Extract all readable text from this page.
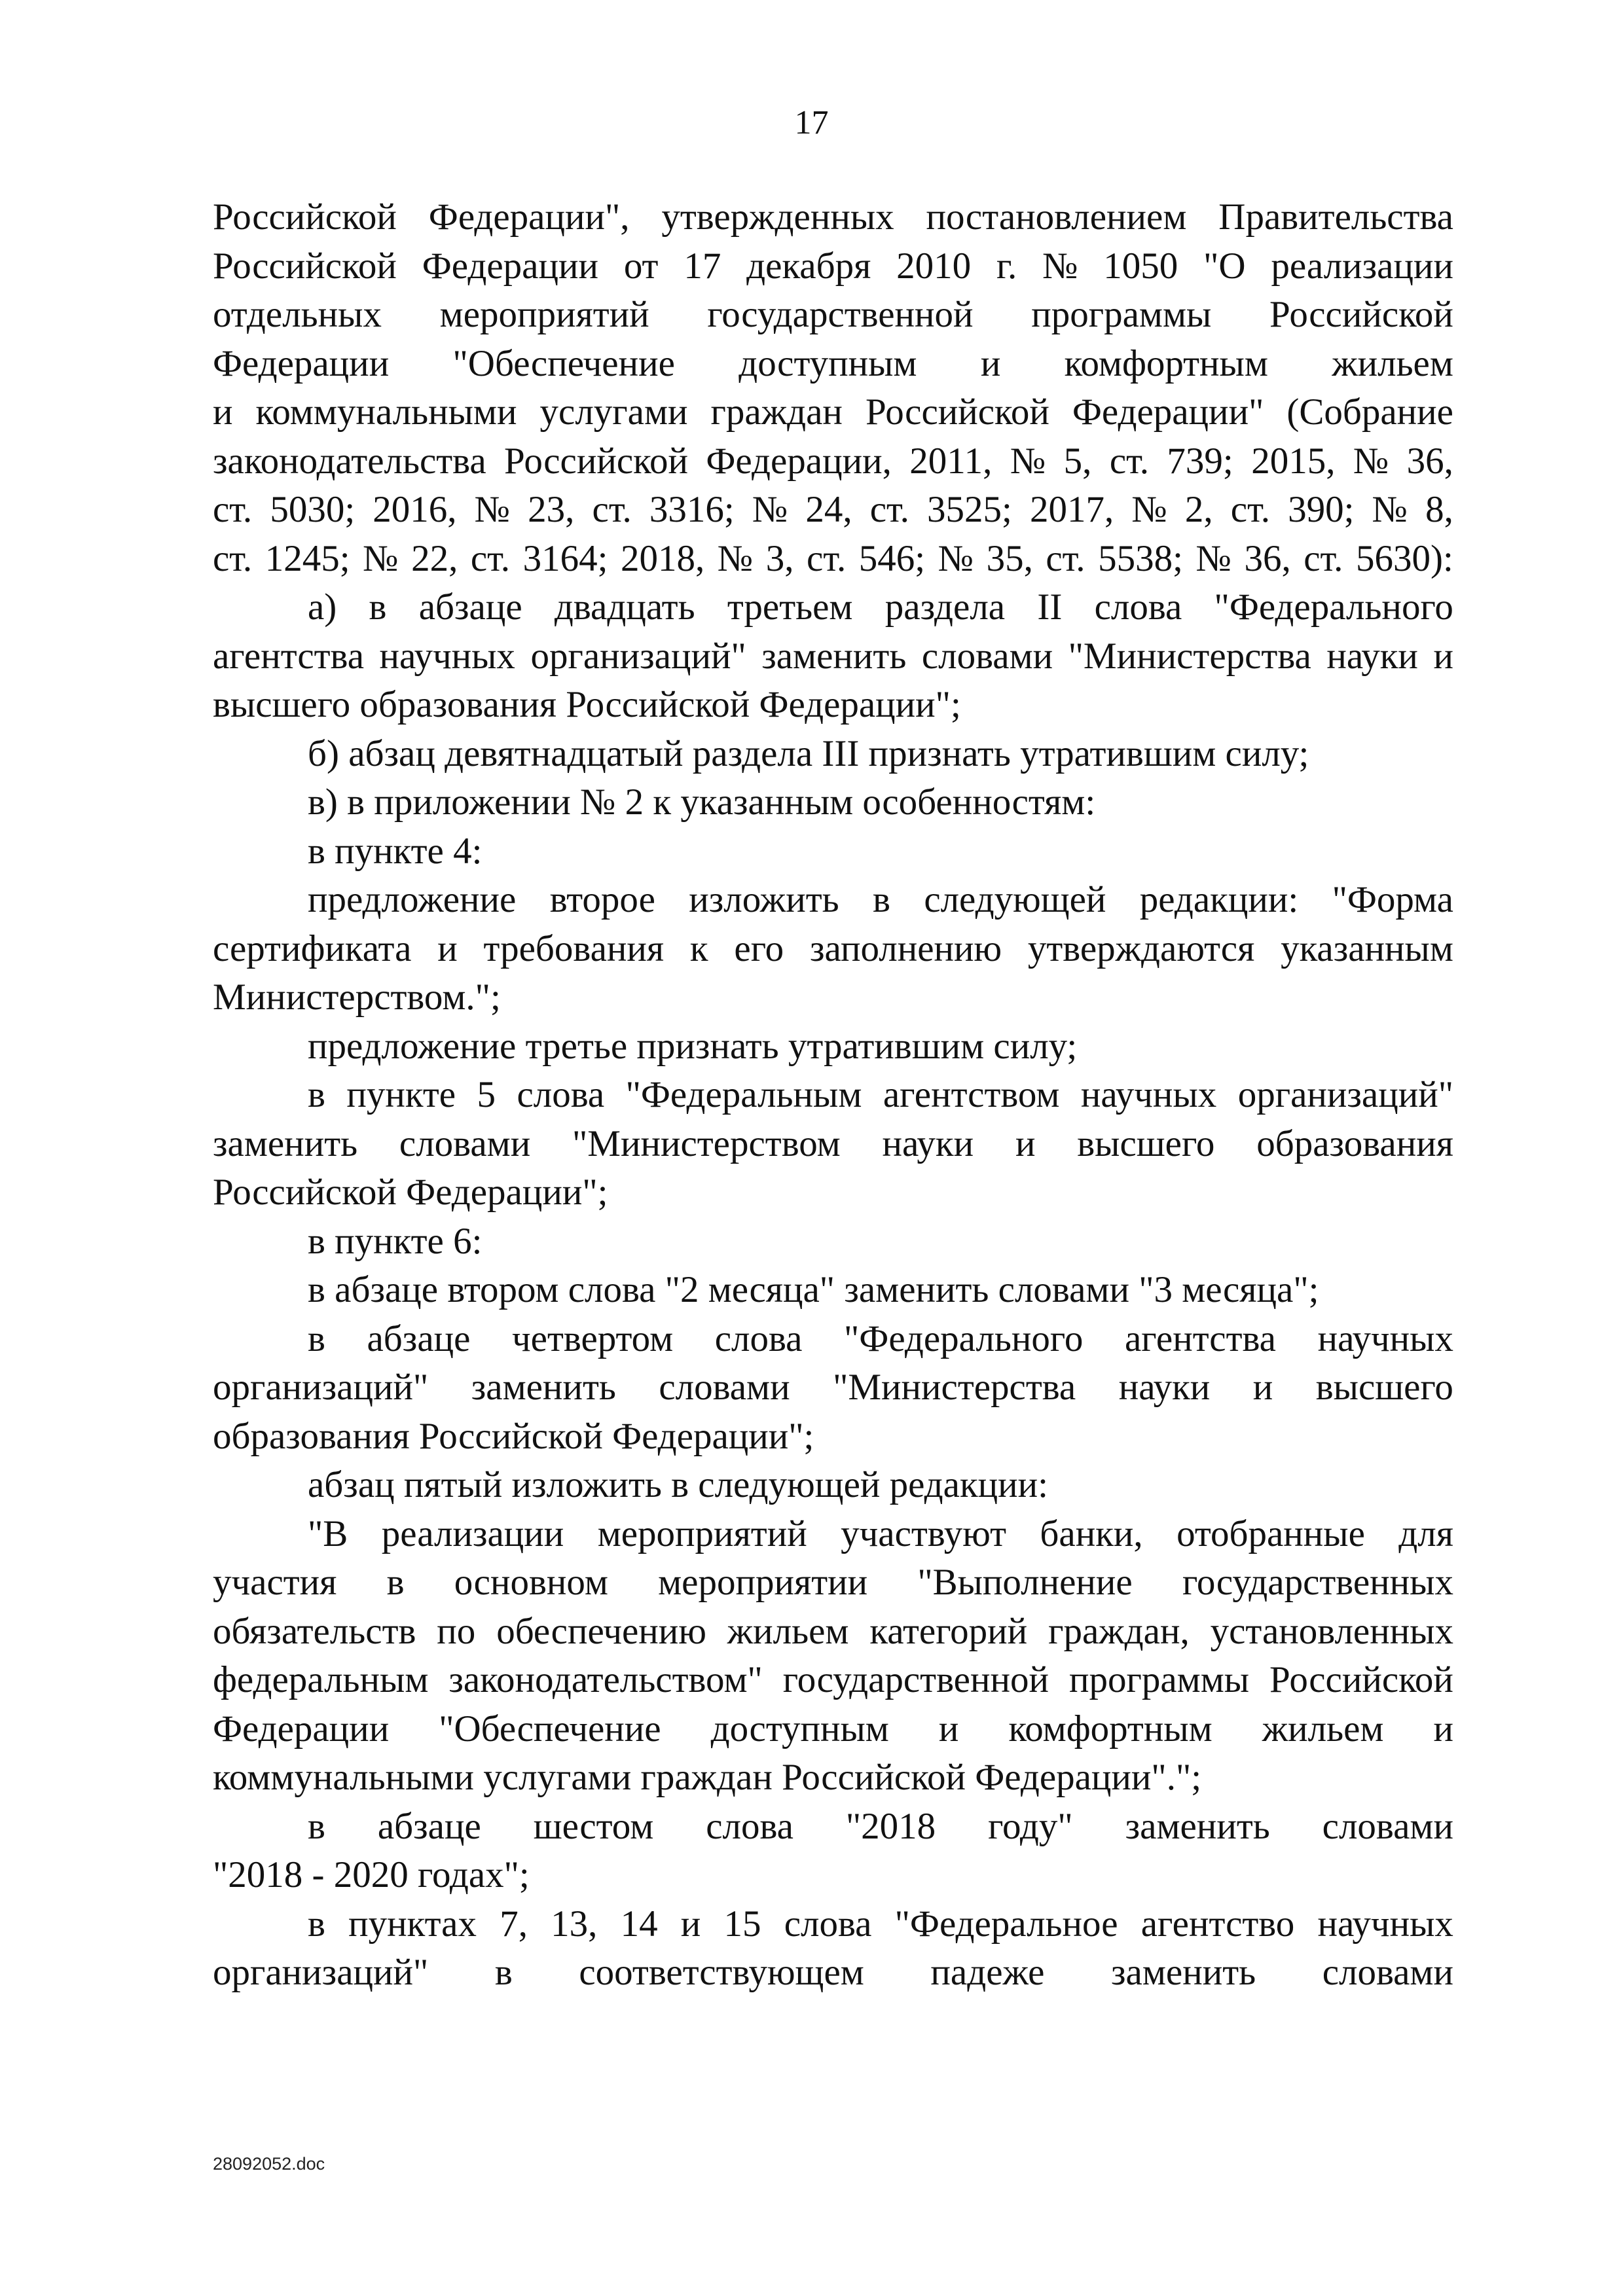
17
Российской Федерации", утвержденных постановлением Правительства
Российской Федерации от 17 декабря 2010 г. № 1050 "О реализации
отдельных мероприятий государственной программы Российской
Федерации "Обеспечение доступным и комфортным жильем
и коммунальными услугами граждан Российской Федерации" (Собрание
законодательства Российской Федерации, 2011, № 5, ст. 739; 2015, № 36,
ст. 5030; 2016, № 23, ст. 3316; № 24, ст. 3525; 2017, № 2, ст. 390; № 8,
ст. 1245; № 22, ст. 3164; 2018, № 3, ст. 546; № 35, ст. 5538; № 36, ст. 5630):
а) в абзаце двадцать третьем раздела II слова "Федерального
агентства научных организаций" заменить словами "Министерства науки и
высшего образования Российской Федерации";
б) абзац девятнадцатый раздела III признать утратившим силу;
в) в приложении № 2 к указанным особенностям:
в пункте 4:
предложение второе изложить в следующей редакции: "Форма
сертификата и требования к его заполнению утверждаются указанным
Министерством.";
предложение третье признать утратившим силу;
в пункте 5 слова "Федеральным агентством научных организаций"
заменить словами "Министерством науки и высшего образования
Российской Федерации";
в пункте 6:
в абзаце втором слова "2 месяца" заменить словами "3 месяца";
в абзаце четвертом слова "Федерального агентства научных
организаций" заменить словами "Министерства науки и высшего
образования Российской Федерации";
абзац пятый изложить в следующей редакции:
"В реализации мероприятий участвуют банки, отобранные для
участия в основном мероприятии "Выполнение государственных
обязательств по обеспечению жильем категорий граждан, установленных
федеральным законодательством" государственной программы Российской
Федерации "Обеспечение доступным и комфортным жильем и
коммунальными услугами граждан Российской Федерации".";
в абзаце шестом слова "2018 году" заменить словами
"2018 - 2020 годах";
в пунктах 7, 13, 14 и 15 слова "Федеральное агентство научных
организаций" в соответствующем падеже заменить словами
28092052.doc
